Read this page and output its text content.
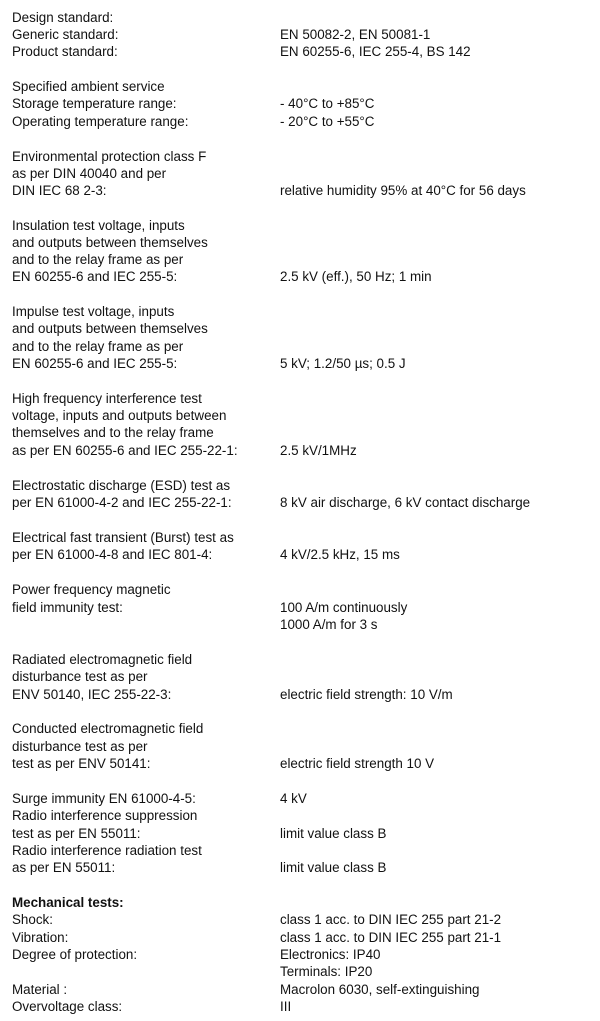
Design standard:
Generic standard:	EN 50082-2, EN 50081-1
Product standard:	EN 60255-6, IEC 255-4, BS 142
Specified ambient service
Storage temperature range:	- 40°C to +85°C
Operating temperature range:	- 20°C to +55°C
Environmental protection class F
as per DIN 40040 and per
DIN IEC 68 2-3:	relative humidity 95% at 40°C for 56 days
Insulation test voltage, inputs
and outputs between themselves
and to the relay frame as per
EN 60255-6 and IEC 255-5:	2.5 kV (eff.), 50 Hz; 1 min
Impulse test voltage, inputs
and outputs between themselves
and to the relay frame as per
EN 60255-6 and IEC 255-5:	5 kV; 1.2/50 µs; 0.5 J
High frequency interference test
voltage, inputs and outputs between
themselves and to the relay frame
as per EN 60255-6 and IEC 255-22-1:	2.5 kV/1MHz
Electrostatic discharge (ESD) test as
per EN 61000-4-2 and IEC 255-22-1:	8 kV air discharge, 6 kV contact discharge
Electrical fast transient (Burst) test as
per EN 61000-4-8 and IEC 801-4:	4 kV/2.5 kHz, 15 ms
Power frequency magnetic
field immunity test:	100 A/m continuously
1000 A/m for 3 s
Radiated electromagnetic field
disturbance test as per
ENV 50140, IEC 255-22-3:	electric field strength: 10 V/m
Conducted electromagnetic field
disturbance test as per
test as per ENV 50141:	electric field strength 10 V
Surge immunity EN 61000-4-5:	4 kV
Radio interference suppression
test as per EN 55011:	limit value class B
Radio interference radiation test
as per EN 55011:	limit value class B
Mechanical tests:
Shock:	class 1 acc. to DIN IEC 255 part 21-2
Vibration:	class 1 acc. to DIN IEC 255 part 21-1
Degree of protection:	Electronics: IP40
Terminals: IP20
Material :	Macrolon 6030, self-extinguishing
Overvoltage class:	III
